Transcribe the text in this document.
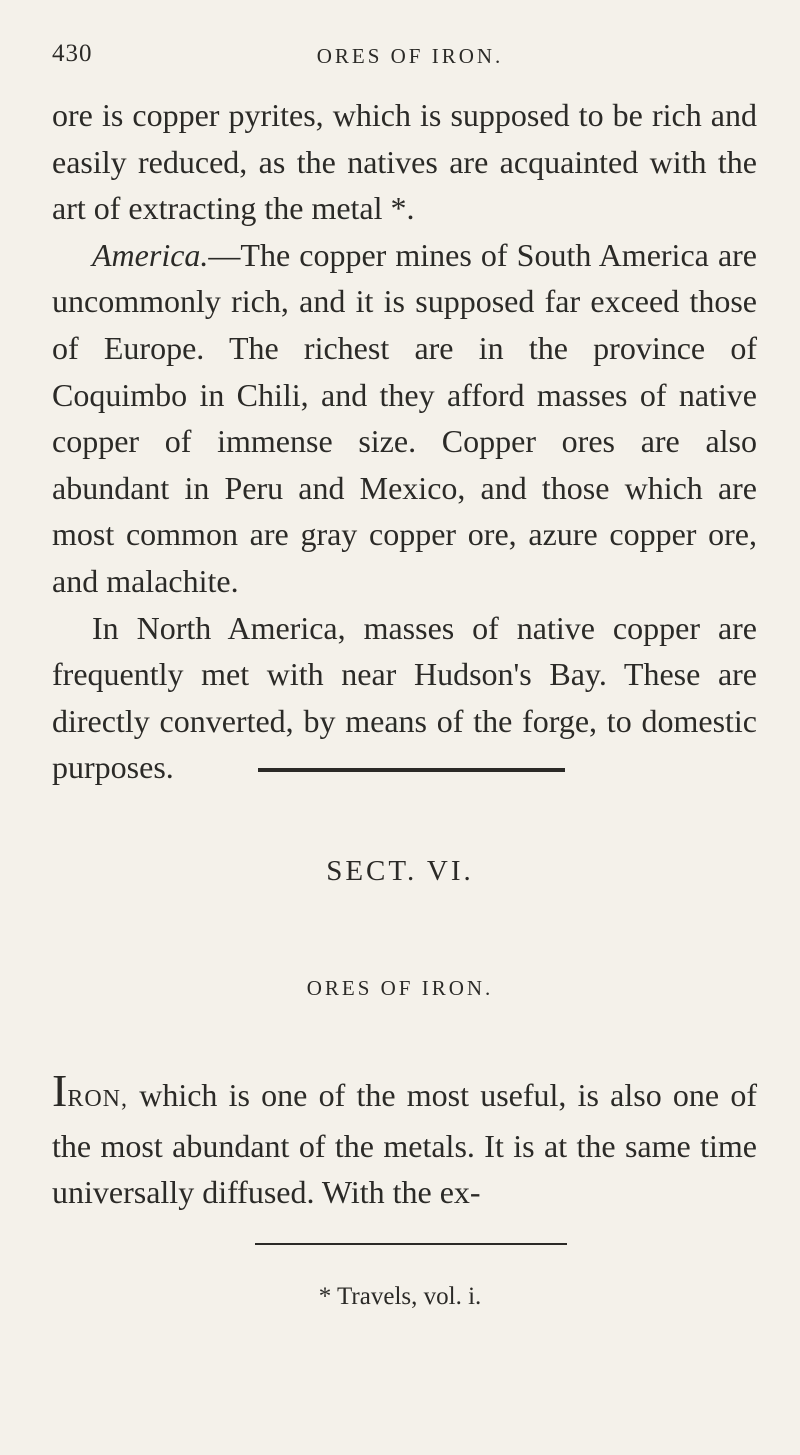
430	ORES OF IRON.

ore is copper pyrites, which is supposed to be rich and easily reduced, as the natives are acquainted with the art of extracting the metal *.

America.—The copper mines of South America are uncommonly rich, and it is supposed far exceed those of Europe. The richest are in the province of Coquimbo in Chili, and they afford masses of native copper of immense size. Copper ores are also abundant in Peru and Mexico, and those which are most common are gray copper ore, azure copper ore, and malachite.

In North America, masses of native copper are frequently met with near Hudson's Bay. These are directly converted, by means of the forge, to domestic purposes.

SECT. VI.
ORES OF IRON.

IRON, which is one of the most useful, is also one of the most abundant of the metals. It is at the same time universally diffused. With the ex-

* Travels, vol. i.
